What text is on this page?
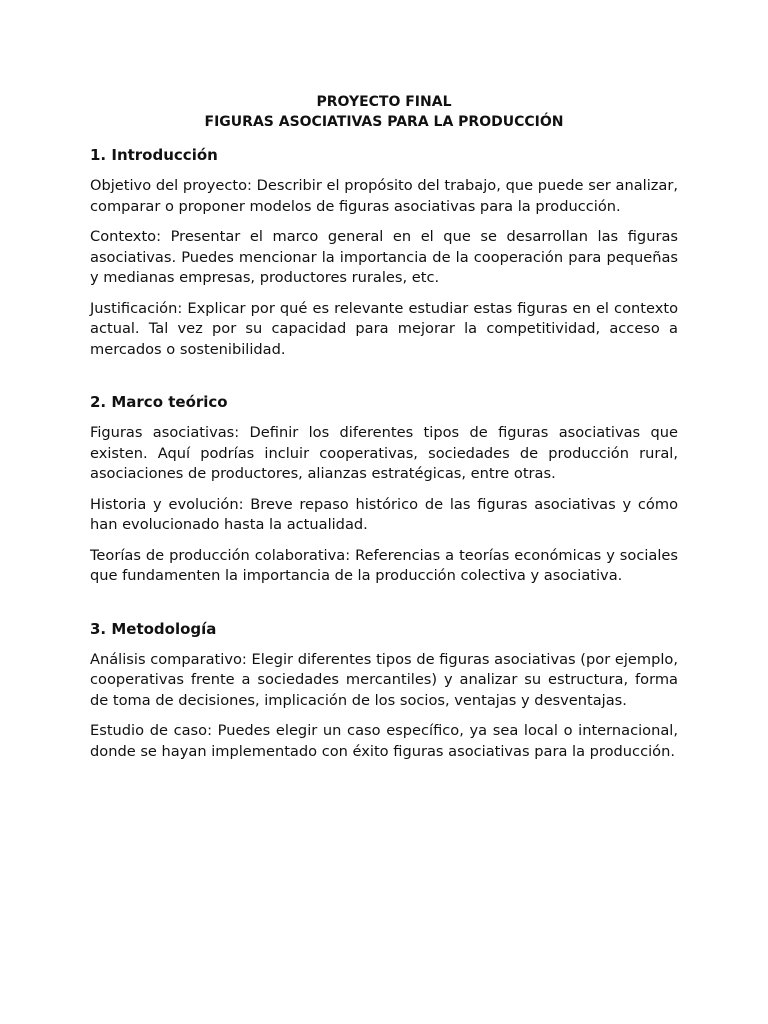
PROYECTO FINAL
FIGURAS ASOCIATIVAS PARA LA PRODUCCIÓN
1. Introducción

Objetivo del proyecto: Describir el propósito del trabajo, que puede ser analizar, comparar o proponer modelos de figuras asociativas para la producción.

Contexto: Presentar el marco general en el que se desarrollan las figuras asociativas. Puedes mencionar la importancia de la cooperación para pequeñas y medianas empresas, productores rurales, etc.

Justificación: Explicar por qué es relevante estudiar estas figuras en el contexto actual. Tal vez por su capacidad para mejorar la competitividad, acceso a mercados o sostenibilidad.

2. Marco teórico

Figuras asociativas: Definir los diferentes tipos de figuras asociativas que existen. Aquí podrías incluir cooperativas, sociedades de producción rural, asociaciones de productores, alianzas estratégicas, entre otras.

Historia y evolución: Breve repaso histórico de las figuras asociativas y cómo han evolucionado hasta la actualidad.

Teorías de producción colaborativa: Referencias a teorías económicas y sociales que fundamenten la importancia de la producción colectiva y asociativa.

3. Metodología

Análisis comparativo: Elegir diferentes tipos de figuras asociativas (por ejemplo, cooperativas frente a sociedades mercantiles) y analizar su estructura, forma de toma de decisiones, implicación de los socios, ventajas y desventajas.

Estudio de caso: Puedes elegir un caso específico, ya sea local o internacional, donde se hayan implementado con éxito figuras asociativas para la producción.
